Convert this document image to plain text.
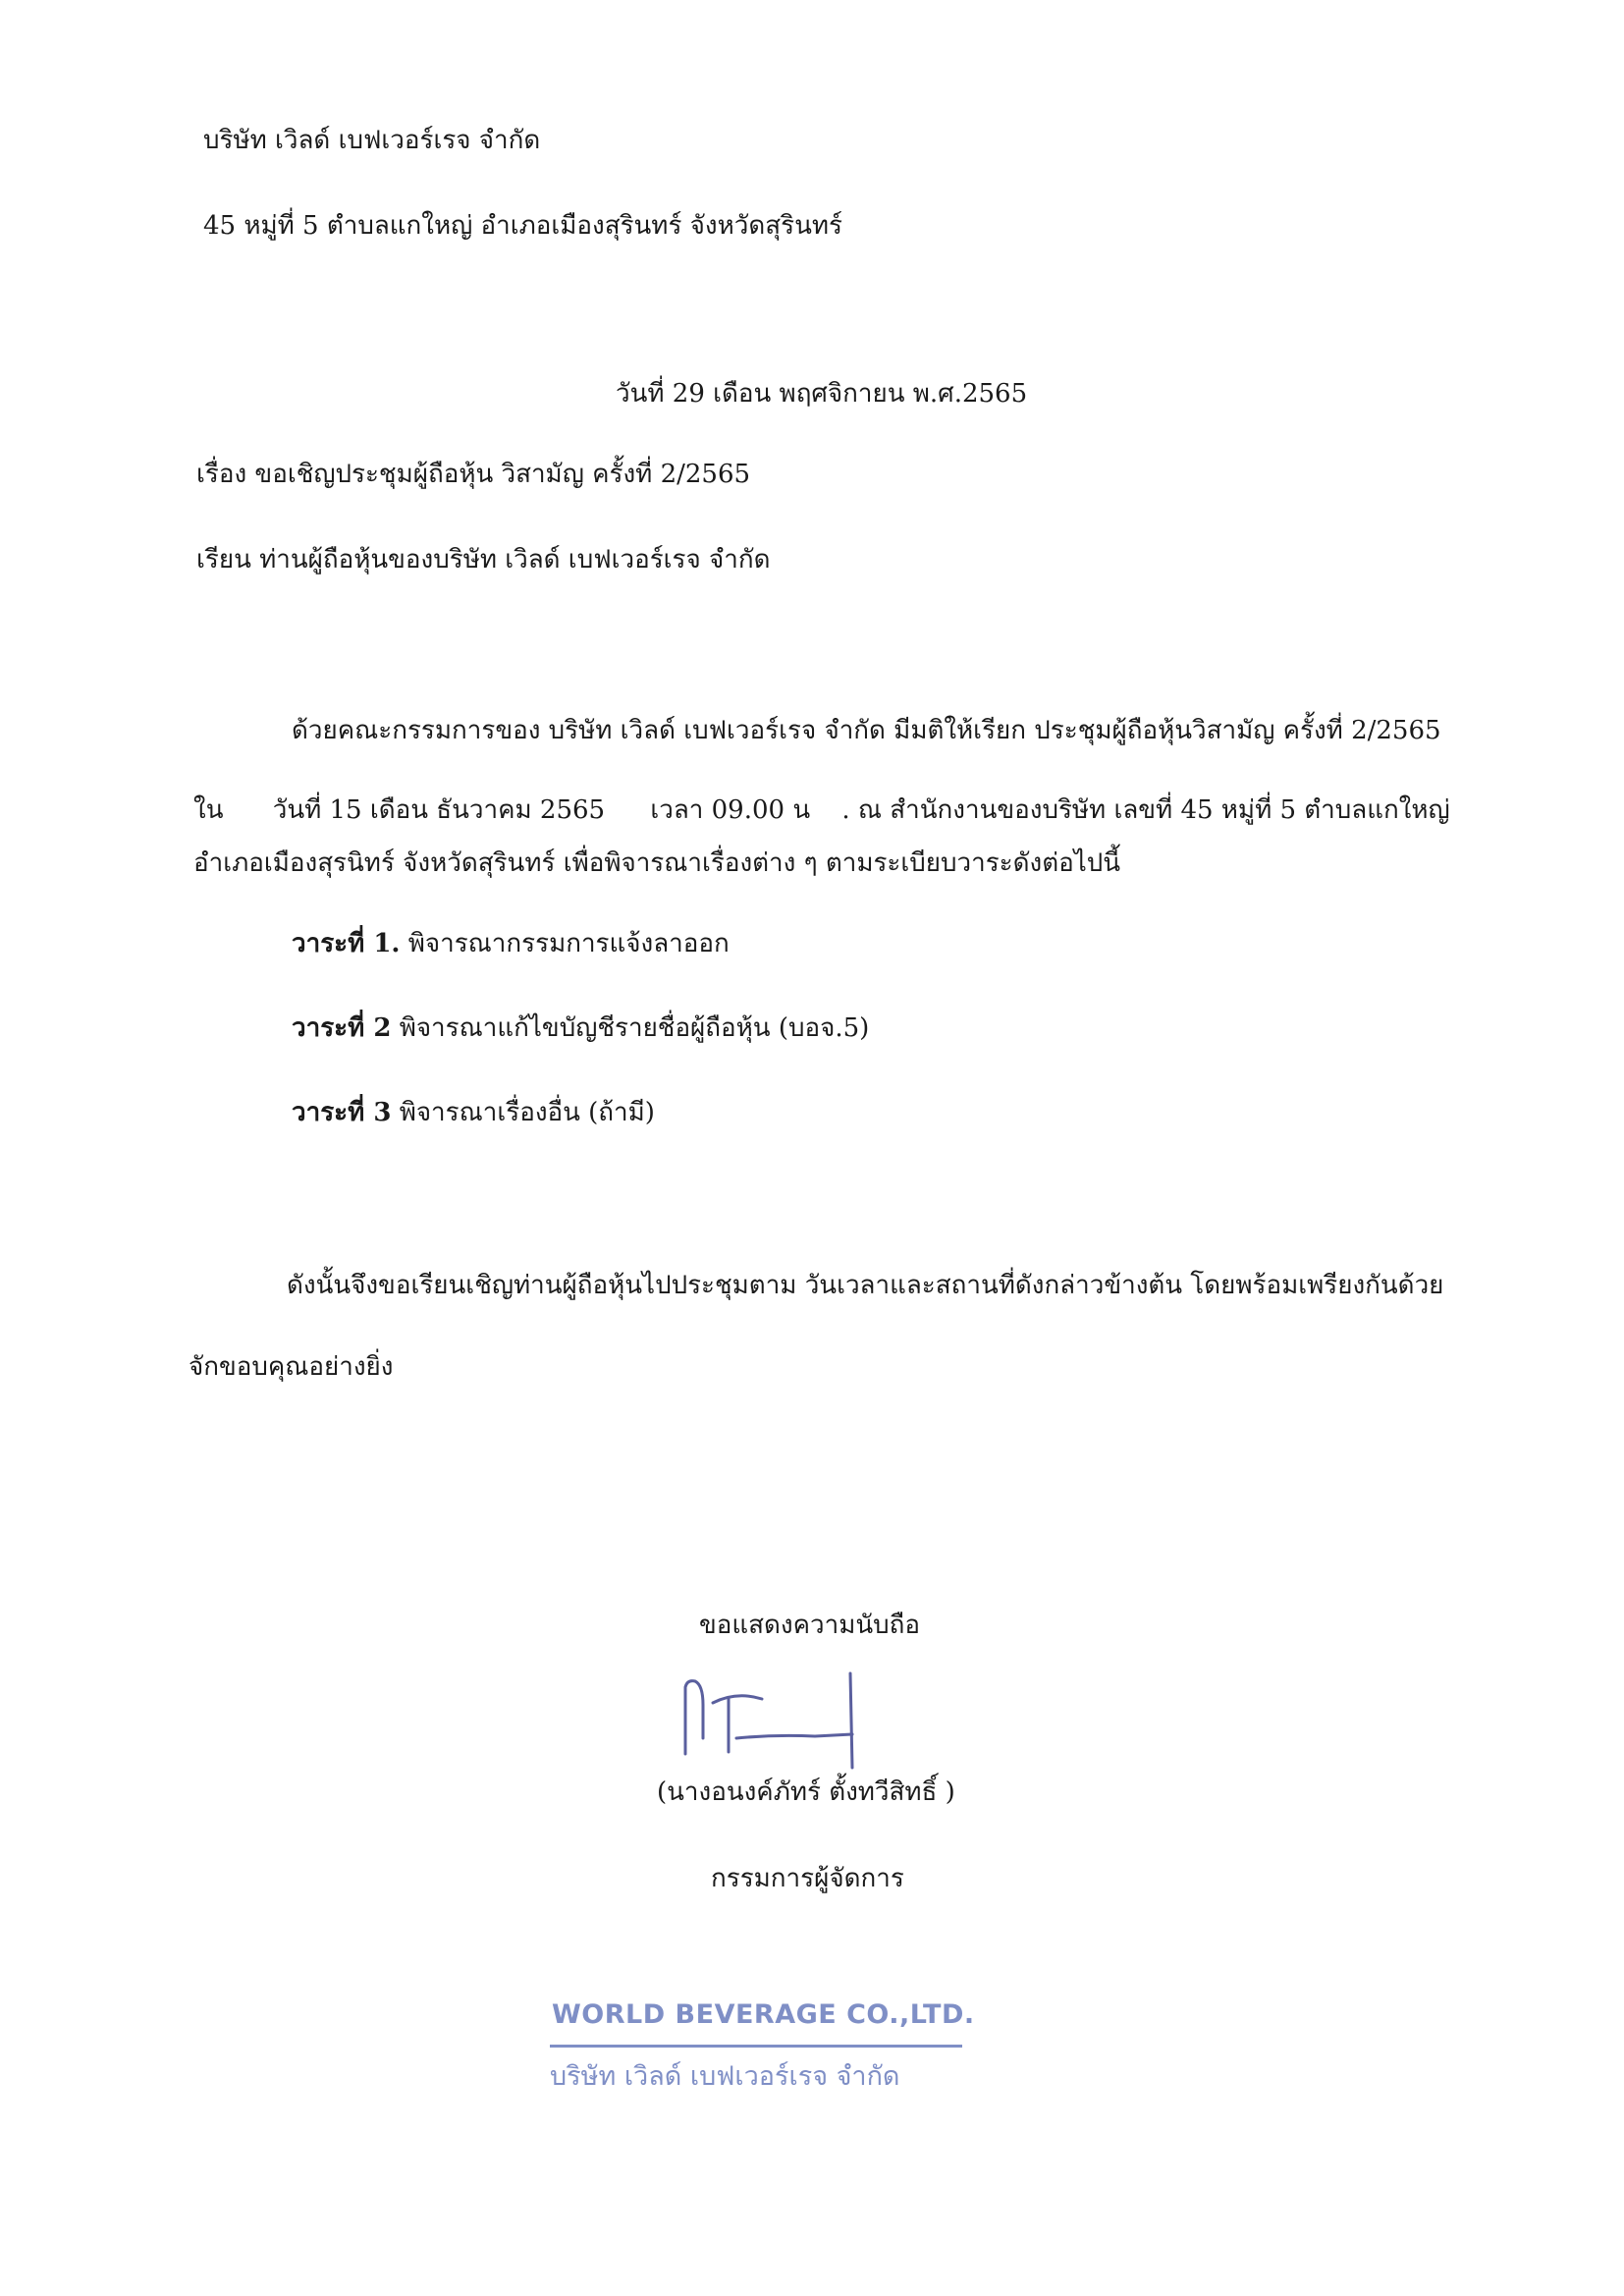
บริษัท เวิลด์ เบฟเวอร์เรจ จำกัด
45 หมู่ที่ 5 ตำบลแกใหญ่ อำเภอเมืองสุรินทร์ จังหวัดสุรินทร์
วันที่ 29 เดือน พฤศจิกายน พ.ศ.2565
เรื่อง ขอเชิญประชุมผู้ถือหุ้น วิสามัญ ครั้งที่ 2/2565
เรียน ท่านผู้ถือหุ้นของบริษัท เวิลด์ เบฟเวอร์เรจ จำกัด
ด้วยคณะกรรมการของ บริษัท เวิลด์ เบฟเวอร์เรจ จำกัด มีมติให้เรียก ประชุมผู้ถือหุ้นวิสามัญ ครั้งที่ 2/2565
ใน วันที่ 15 เดือน ธันวาคม 2565 เวลา 09.00 น . ณ สำนักงานของบริษัท เลขที่ 45 หมู่ที่ 5 ตำบลแกใหญ่
อำเภอเมืองสุรนิทร์ จังหวัดสุรินทร์ เพื่อพิจารณาเรื่องต่าง ๆ ตามระเบียบวาระดังต่อไปนี้
วาระที่ 1. พิจารณากรรมการแจ้งลาออก
วาระที่ 2 พิจารณาแก้ไขบัญชีรายชื่อผู้ถือหุ้น (บอจ.5)
วาระที่ 3 พิจารณาเรื่องอื่น (ถ้ามี)
ดังนั้นจึงขอเรียนเชิญท่านผู้ถือหุ้นไปประชุมตาม วันเวลาและสถานที่ดังกล่าวข้างต้น โดยพร้อมเพรียงกันด้วย
จักขอบคุณอย่างยิ่ง
ขอแสดงความนับถือ
(นางอนงค์ภัทร์ ตั้งทวีสิทธิ์ )
กรรมการผู้จัดการ
WORLD BEVERAGE CO.,LTD.
บริษัท เวิลด์ เบฟเวอร์เรจ จำกัด
